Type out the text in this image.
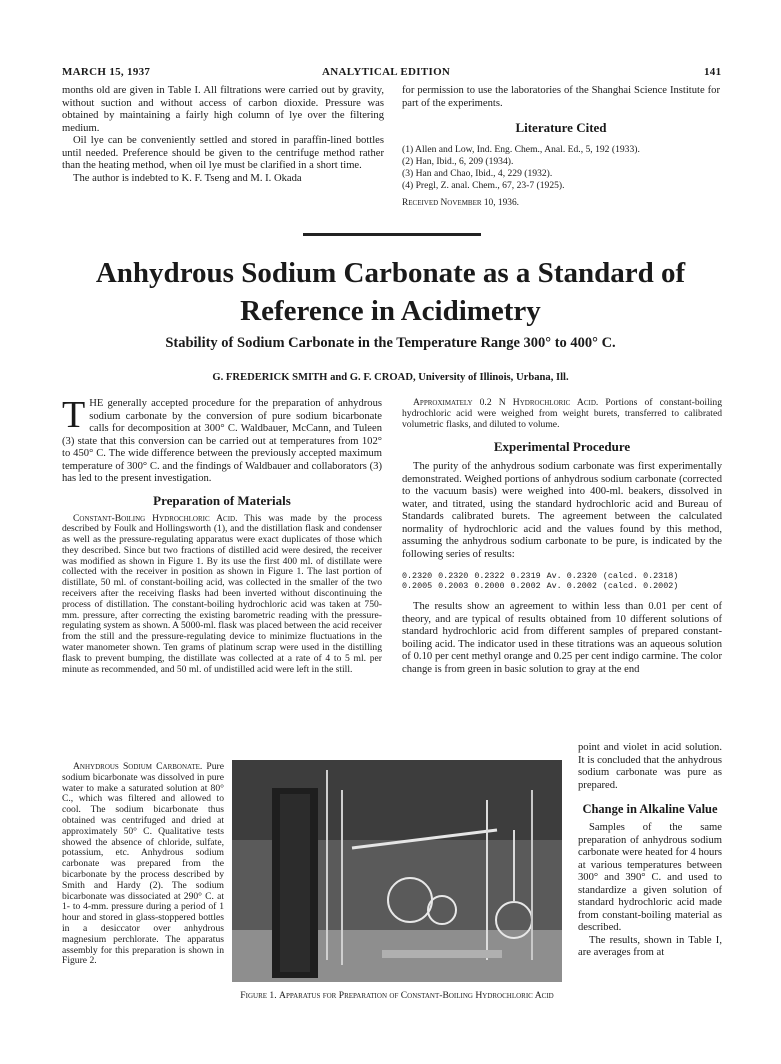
MARCH 15, 1937	ANALYTICAL EDITION	141

months old are given in Table I. All filtrations were carried out by gravity, without suction and without access of carbon dioxide. Pressure was obtained by maintaining a fairly high column of lye over the filtering medium.

Oil lye can be conveniently settled and stored in paraffin-lined bottles until needed. Preference should be given to the centrifuge method rather than the heating method, when oil lye must be clarified in a short time.

The author is indebted to K. F. Tseng and M. I. Okada

for permission to use the laboratories of the Shanghai Science Institute for part of the experiments.

Literature Cited
(1) Allen and Low, Ind. Eng. Chem., Anal. Ed., 5, 192 (1933).
(2) Han, Ibid., 6, 209 (1934).
(3) Han and Chao, Ibid., 4, 229 (1932).
(4) Pregl, Z. anal. Chem., 67, 23-7 (1925).
Received November 10, 1936.
Anhydrous Sodium Carbonate as a Standard of
Reference in Acidimetry
Stability of Sodium Carbonate in the Temperature Range 300° to 400° C.
G. FREDERICK SMITH and G. F. CROAD, University of Illinois, Urbana, Ill.

THE generally accepted procedure for the preparation of anhydrous sodium carbonate by the conversion of pure sodium bicarbonate calls for decomposition at 300° C. Waldbauer, McCann, and Tuleen (3) state that this conversion can be carried out at temperatures from 102° to 450° C. The wide difference between the previously accepted maximum temperature of 300° C. and the findings of Waldbauer and collaborators (3) has led to the present investigation.

Preparation of Materials

Constant-Boiling Hydrochloric Acid. This was made by the process described by Foulk and Hollingsworth (1), and the distillation flask and condenser as well as the pressure-regulating apparatus were exact duplicates of those which they described. Since but two fractions of distilled acid were desired, the receiver was modified as shown in Figure 1. By its use the first 400 ml. of distillate were collected with the receiver in position as shown in Figure 1. The last portion of distillate, 50 ml. of constant-boiling acid, was collected in the smaller of the two receivers after the receiving flasks had been inverted without discontinuing the process of distillation. The constant-boiling hydrochloric acid was taken at 750-mm. pressure, after correcting the existing barometric reading with the pressure-regulating system as shown. A 5000-ml. flask was placed between the acid receiver from the still and the pressure-regulating device to minimize fluctuations in the water manometer shown. Ten grams of platinum scrap were used in the distilling flask to prevent bumping, the distillate was collected at a rate of 4 to 5 ml. per minute as recommended, and 50 ml. of undistilled acid were left in the still.

Anhydrous Sodium Carbonate. Pure sodium bicarbonate was dissolved in pure water to make a saturated solution at 80° C., which was filtered and allowed to cool. The sodium bicarbonate thus obtained was centrifuged and dried at approximately 50° C. Qualitative tests showed the absence of chloride, sulfate, potassium, etc. Anhydrous sodium carbonate was prepared from the bicarbonate by the process described by Smith and Hardy (2). The sodium bicarbonate was dissociated at 290° C. at 1- to 4-mm. pressure during a period of 1 hour and stored in glass-stoppered bottles in a desiccator over anhydrous magnesium perchlorate. The apparatus assembly for this preparation is shown in Figure 2.
Figure 1. Apparatus for Preparation of Constant-Boiling Hydrochloric Acid

Approximately 0.2 N Hydrochloric Acid. Portions of constant-boiling hydrochloric acid were weighed from weight burets, transferred to calibrated volumetric flasks, and diluted to volume.

Experimental Procedure

The purity of the anhydrous sodium carbonate was first experimentally demonstrated. Weighed portions of anhydrous sodium carbonate (corrected to the vacuum basis) were weighed into 400-ml. beakers, dissolved in water, and titrated, using the standard hydrochloric acid and Bureau of Standards calibrated burets. The agreement between the calculated normality of hydrochloric acid and the values found by this method, assuming the anhydrous sodium carbonate to be pure, is indicated by the following series of results:

0.2320	0.2320	0.2322	0.2319	Av. 0.2320	(calcd. 0.2318)
0.2005	0.2003	0.2000	0.2002	Av. 0.2002	(calcd. 0.2002)

The results show an agreement to within less than 0.01 per cent of theory, and are typical of results obtained from 10 different solutions of standard hydrochloric acid from different samples of prepared constant-boiling acid. The indicator used in these titrations was an aqueous solution of 0.10 per cent methyl orange and 0.25 per cent indigo carmine. The color change is from green in basic solution to gray at the end

point and violet in acid solution. It is concluded that the anhydrous sodium carbonate was pure as prepared.

Change in Alkaline Value

Samples of the same preparation of anhydrous sodium carbonate were heated for 4 hours at various temperatures between 300° and 390° C. and used to standardize a given solution of standard hydrochloric acid made from constant-boiling material as described.

The results, shown in Table I, are averages from at
